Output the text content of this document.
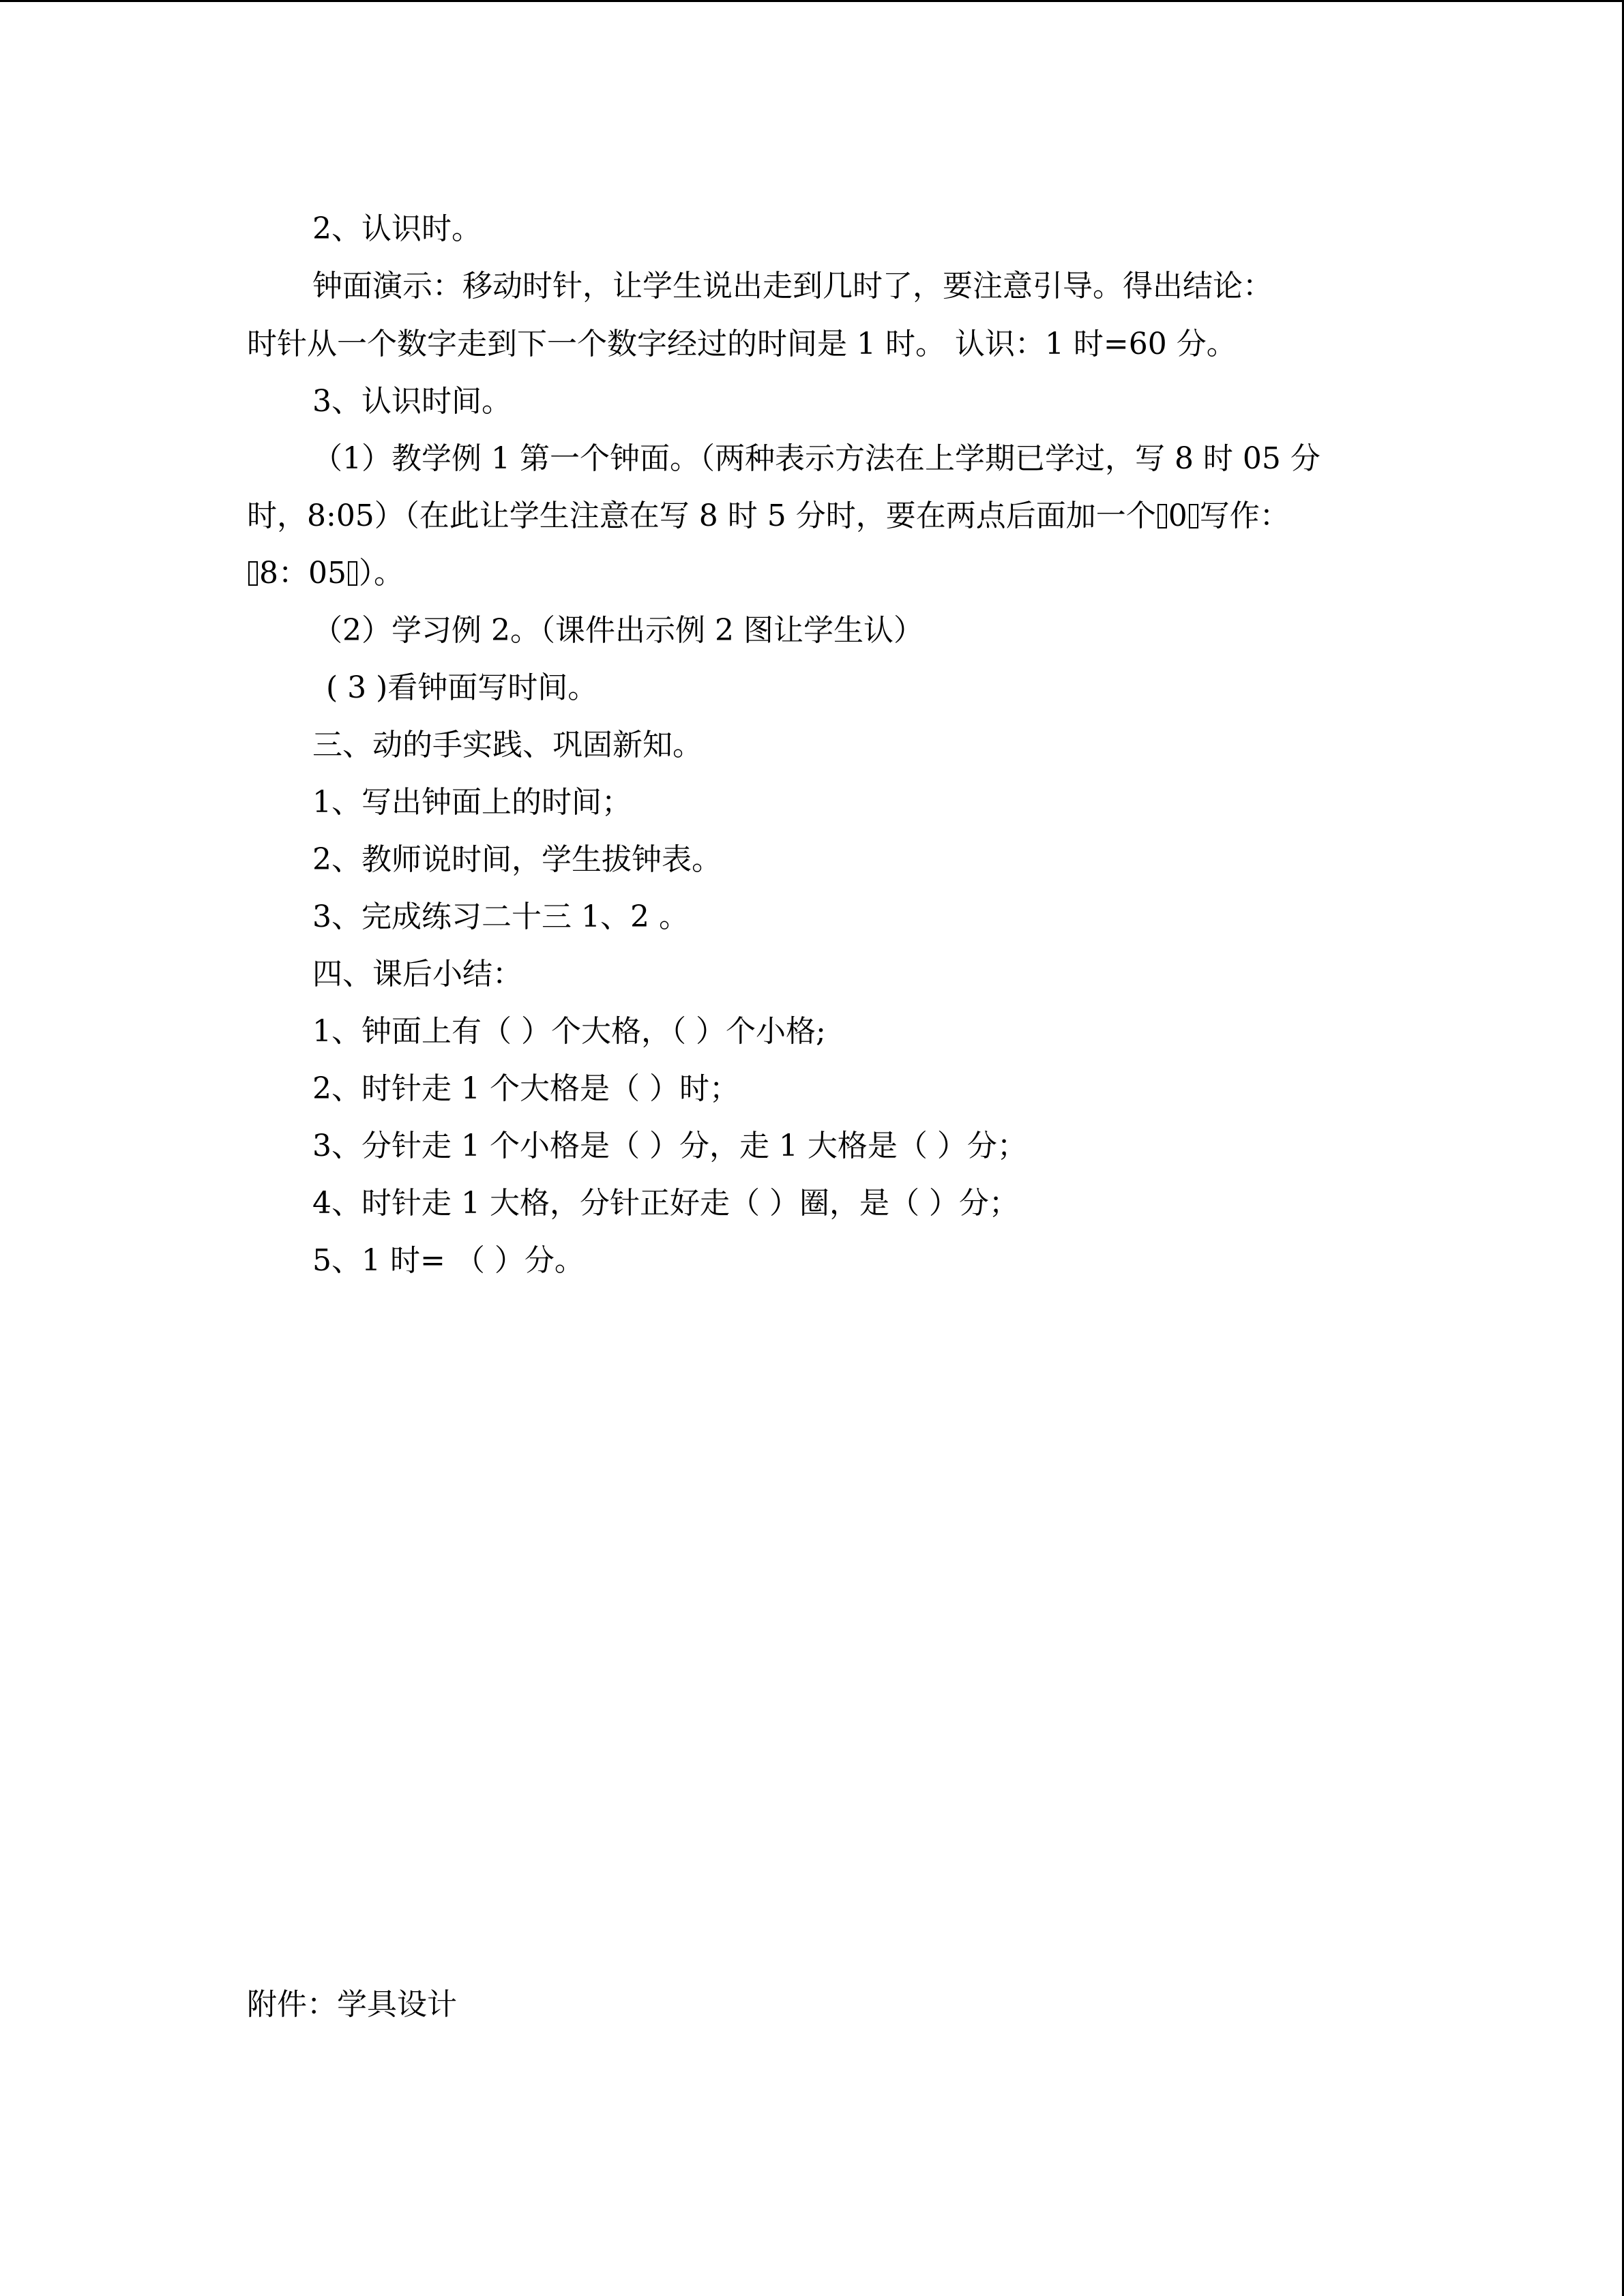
2、认识时。
钟面演示：移动时针，让学生说出走到几时了，要注意引导。得出结论：
时针从一个数字走到下一个数字经过的时间是 1 时。 认识：1 时=60 分。
3、认识时间。
（1）教学例 1 第一个钟面。（两种表示方法在上学期已学过，写 8 时 05 分
时，8:05）（在此让学生注意在写 8 时 5 分时，要在两点后面加一个 0 写作：
8：05 ）。
（2）学习例 2。（课件出示例 2 图让学生认）
( 3 )看钟面写时间。
三、动的手实践、巩固新知。
1、写出钟面上的时间；
2、教师说时间，学生拔钟表。
3、完成练习二十三 1、2 。
四、课后小结：
1、钟面上有（ ）个大格，（ ）个小格;
2、时针走 1 个大格是（ ）时；
3、分针走 1 个小格是（ ）分，走 1 大格是（ ）分；
4、时针走 1 大格，分针正好走（ ）圈，是（ ）分；
5、1 时= （ ）分。
附件：学具设计
